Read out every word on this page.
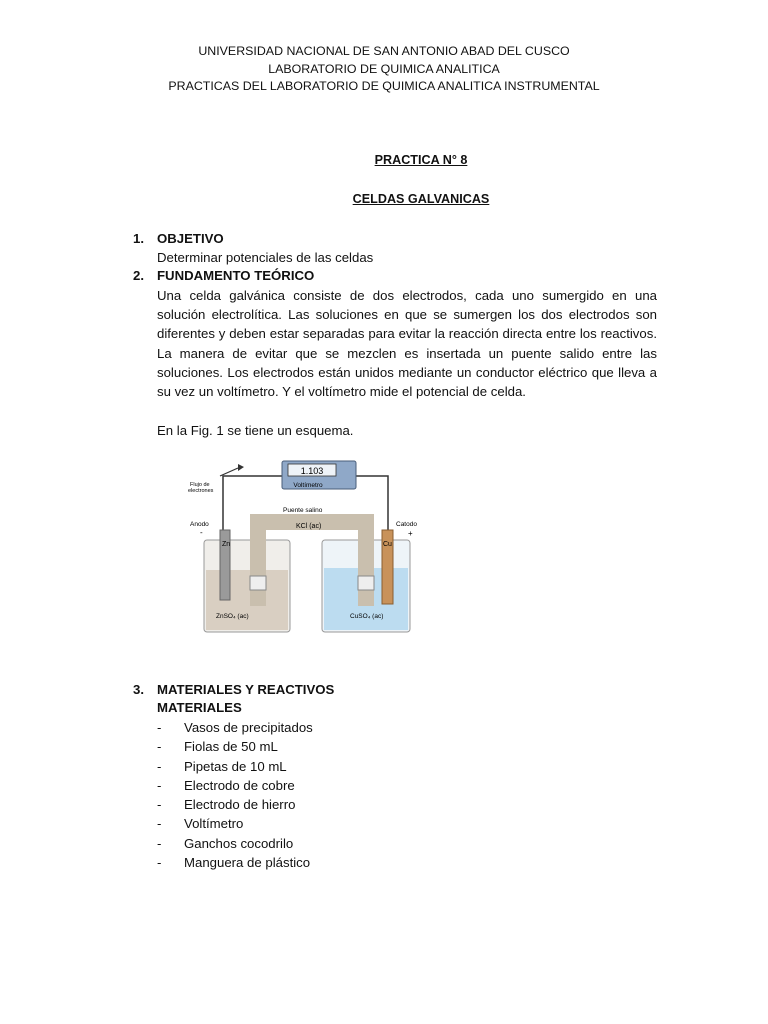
UNIVERSIDAD NACIONAL DE SAN ANTONIO ABAD DEL CUSCO
LABORATORIO DE QUIMICA ANALITICA
PRACTICAS DEL LABORATORIO DE QUIMICA ANALITICA INSTRUMENTAL
PRACTICA N° 8
CELDAS GALVANICAS
1. OBJETIVO
Determinar potenciales de las celdas
2. FUNDAMENTO TEÓRICO
Una celda galvánica consiste de dos electrodos, cada uno sumergido en una solución electrolítica. Las soluciones en que se sumergen los dos electrodos son diferentes y deben estar separadas para evitar la reacción directa entre los reactivos. La manera de evitar que se mezclen es insertada un puente salido entre las soluciones. Los electrodos están unidos mediante un conductor eléctrico que lleva a su vez un voltímetro. Y el voltímetro mide el potencial de celda.
En la Fig. 1 se tiene un esquema.
1.103
Voltímetro
Flujo de
electrones
Puente salino
KCl (ac)
Zn	Cu
Anodo
-
Catodo
+
ZnSO₄ (ac)	CuSO₄ (ac)
3. MATERIALES Y REACTIVOS
MATERIALES
- Vasos de precipitados
- Fiolas de 50 mL
- Pipetas de 10 mL
- Electrodo de cobre
- Electrodo de hierro
- Voltímetro
- Ganchos cocodrilo
- Manguera de plástico
